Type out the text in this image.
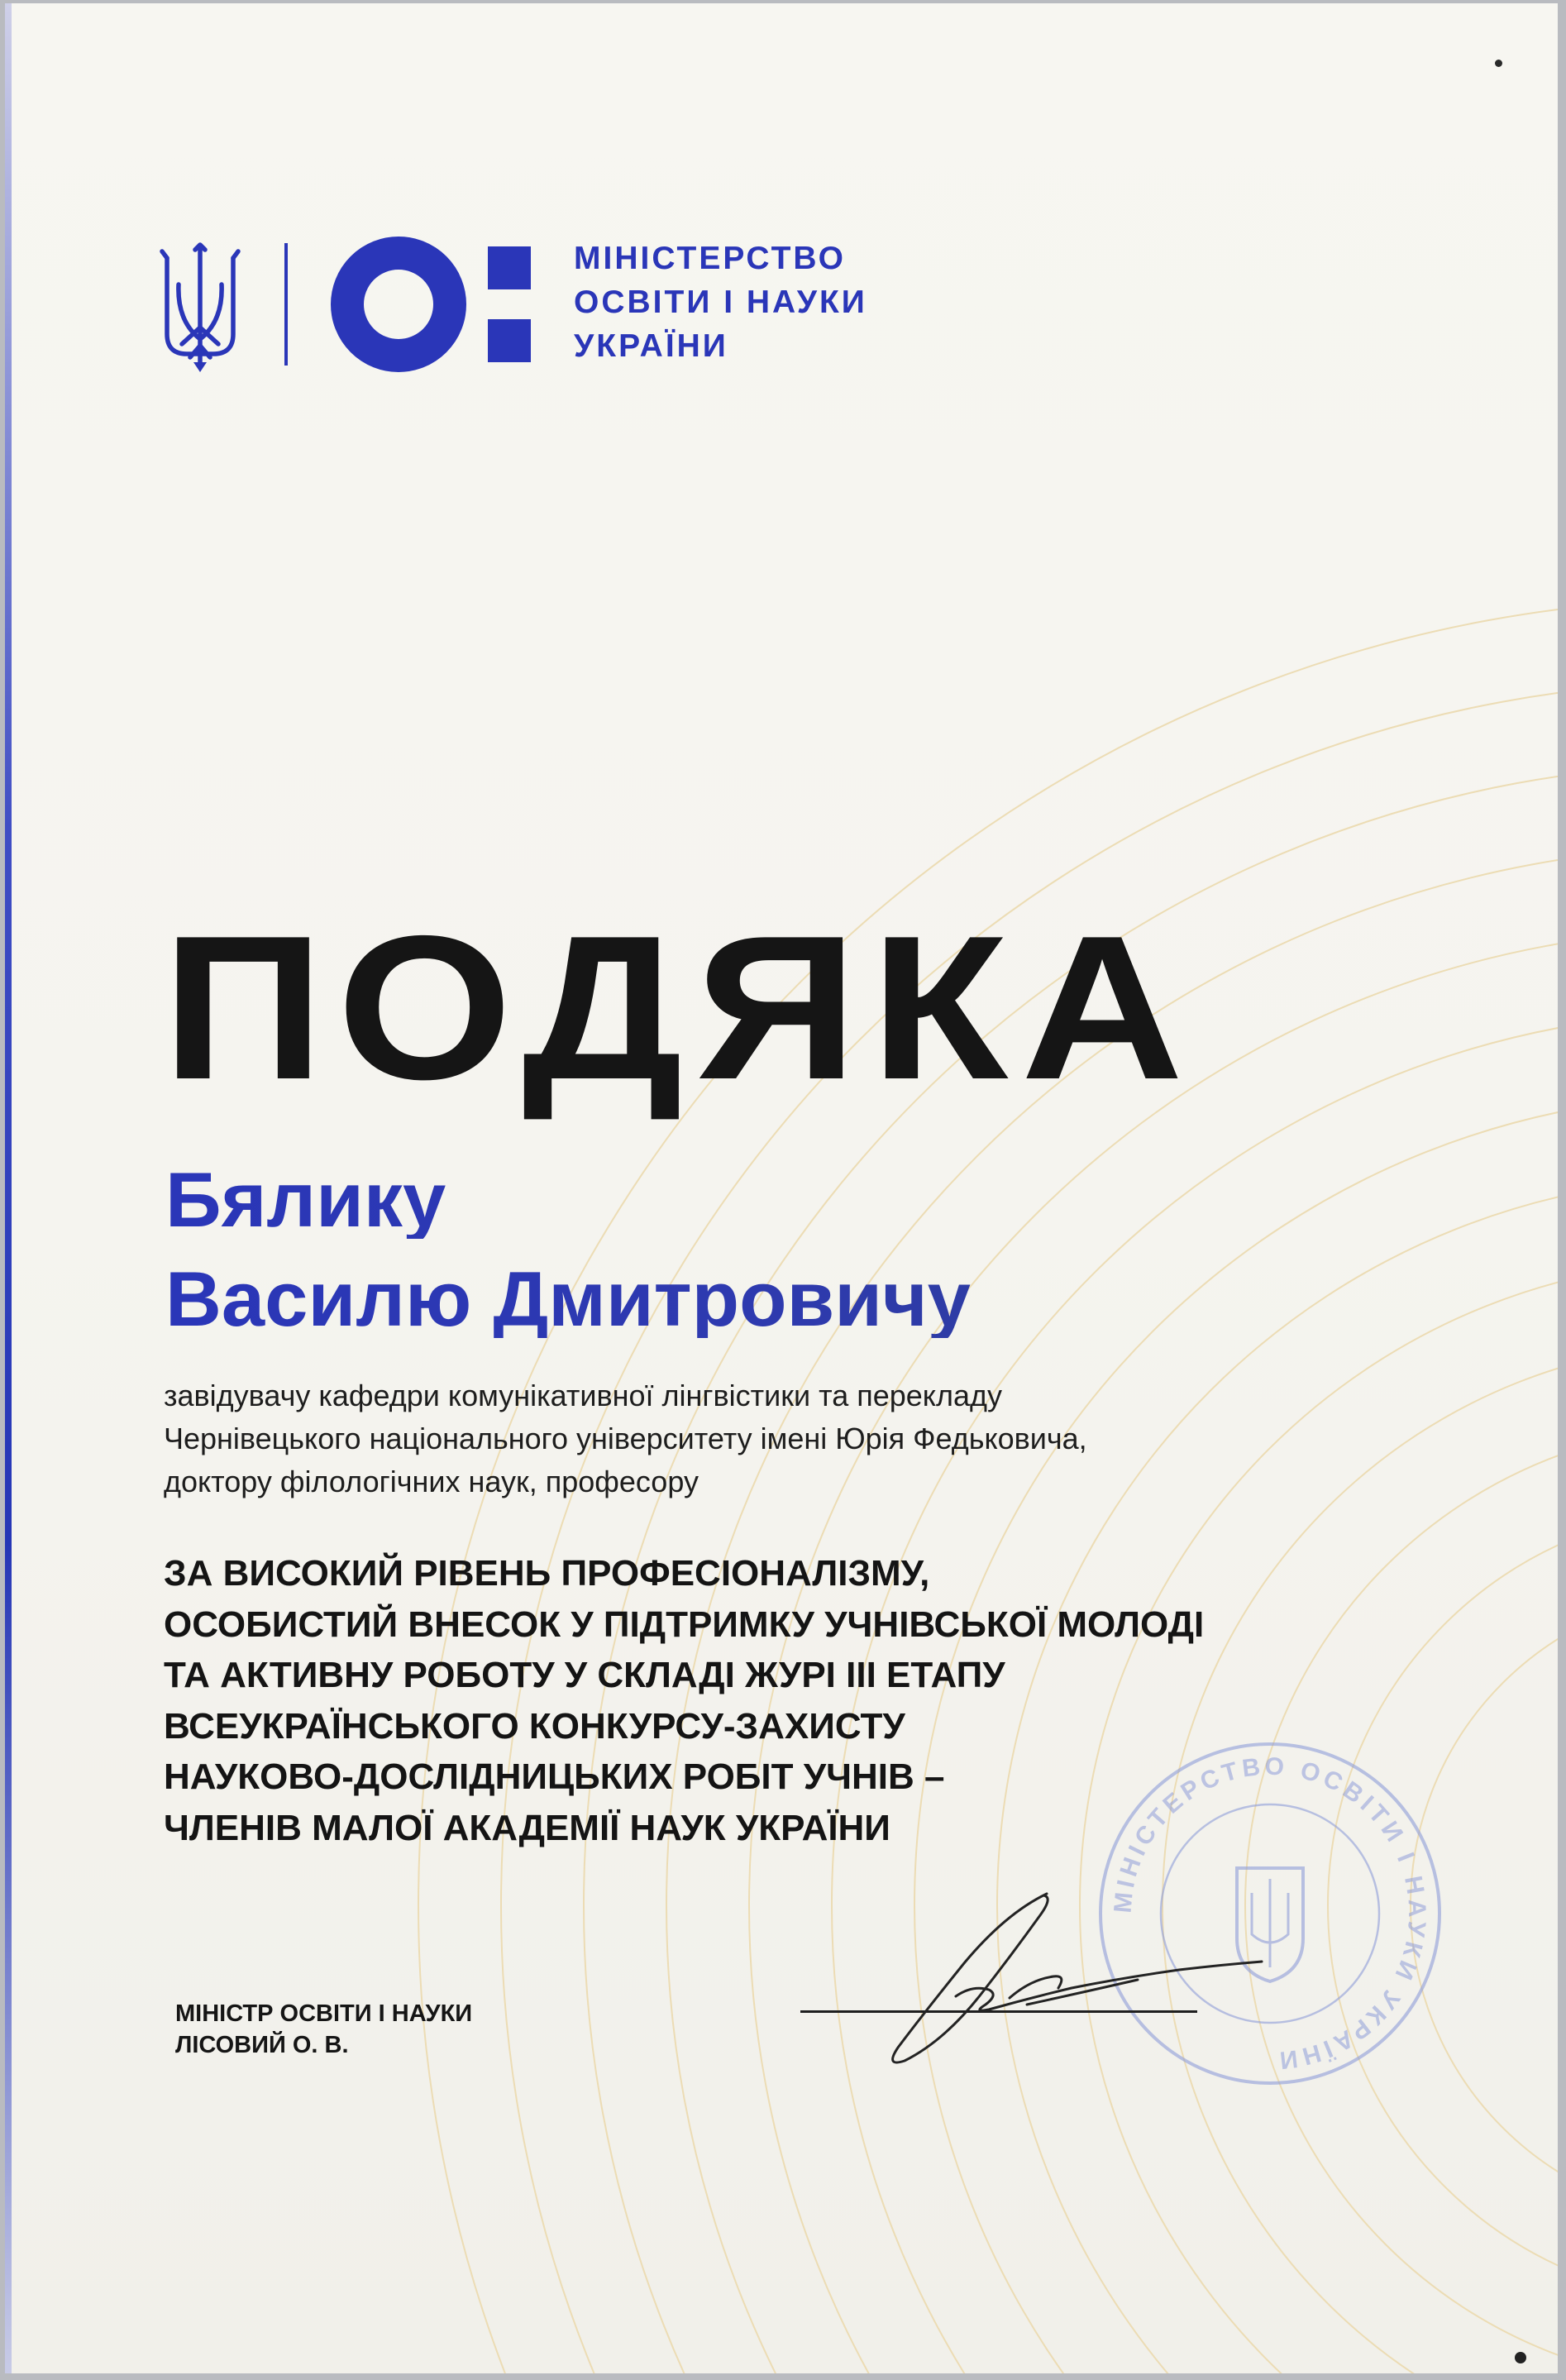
МІНІСТЕРСТВО
ОСВІТИ І НАУКИ
УКРАЇНИ
ПОДЯКА
Бялику
Василю Дмитровичу
завідувачу кафедри комунікативної лінгвістики та перекладу
Чернівецького національного університету імені Юрія Федьковича,
доктору філологічних наук, професору
ЗА ВИСОКИЙ РІВЕНЬ ПРОФЕСІОНАЛІЗМУ,
ОСОБИСТИЙ ВНЕСОК У ПІДТРИМКУ УЧНІВСЬКОЇ МОЛОДІ
ТА АКТИВНУ РОБОТУ У СКЛАДІ ЖУРІ ІІІ ЕТАПУ
ВСЕУКРАЇНСЬКОГО КОНКУРСУ-ЗАХИСТУ
НАУКОВО-ДОСЛІДНИЦЬКИХ РОБІТ УЧНІВ –
ЧЛЕНІВ МАЛОЇ АКАДЕМІЇ НАУК УКРАЇНИ
МІНІСТЕРСТВО ОСВІТИ І НАУКИ УКРАЇНИ
МІНІСТР ОСВІТИ І НАУКИ
ЛІСОВИЙ О. В.
